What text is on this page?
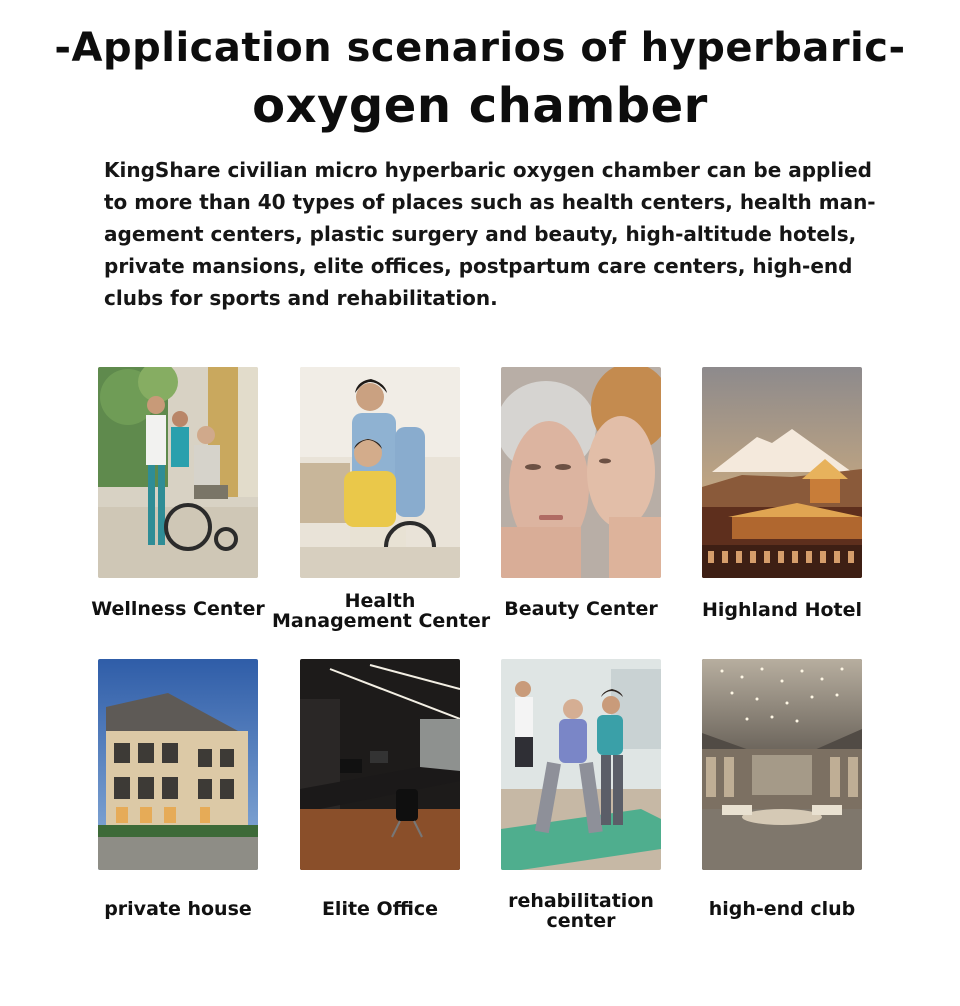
-Application scenarios of hyperbaric-
oxygen chamber
KingShare civilian micro hyperbaric oxygen chamber can be applied
to more than 40 types of places such as health centers, health man-
agement centers, plastic surgery and beauty, high-altitude hotels,
private mansions, elite offices, postpartum care centers, high-end
clubs for sports and rehabilitation.
Wellness Center	Health
Management Center
Beauty Center	Highland Hotel
private house	Elite Office	rehabilitation
center
high-end club
